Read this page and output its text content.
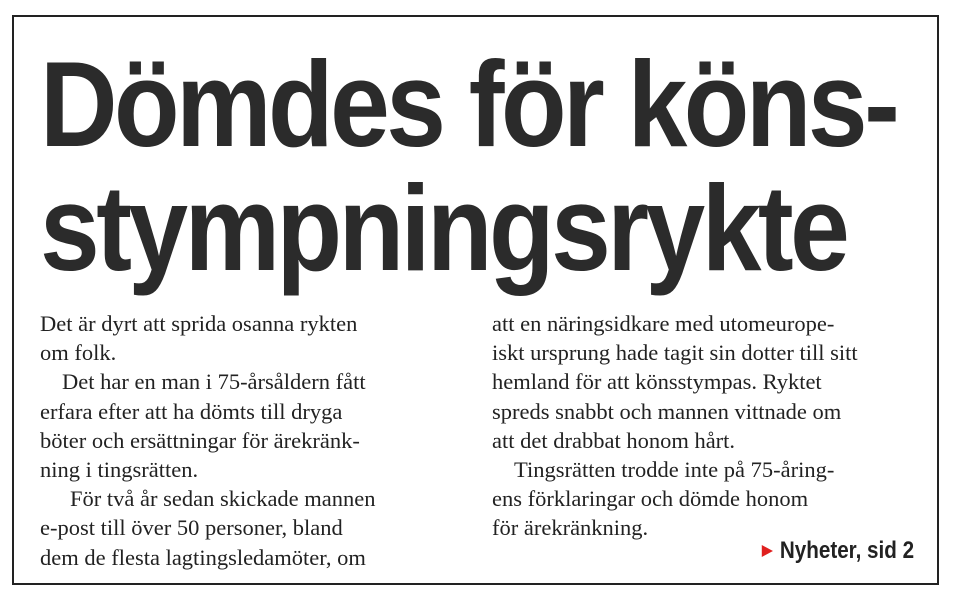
Dömdes för köns-
stympningsrykte
Det är dyrt att sprida osanna rykten
om folk.
Det har en man i 75-årsåldern fått
erfara efter att ha dömts till dryga
böter och ersättningar för ärekränk-
ning i tingsrätten.
För två år sedan skickade mannen
e-post till över 50 personer, bland
dem de flesta lagtingsledamöter, om
att en näringsidkare med utomeurope-
iskt ursprung hade tagit sin dotter till sitt
hemland för att könsstympas. Ryktet
spreds snabbt och mannen vittnade om
att det drabbat honom hårt.
Tingsrätten trodde inte på 75-åring-
ens förklaringar och dömde honom
för ärekränkning.
Nyheter, sid 2
